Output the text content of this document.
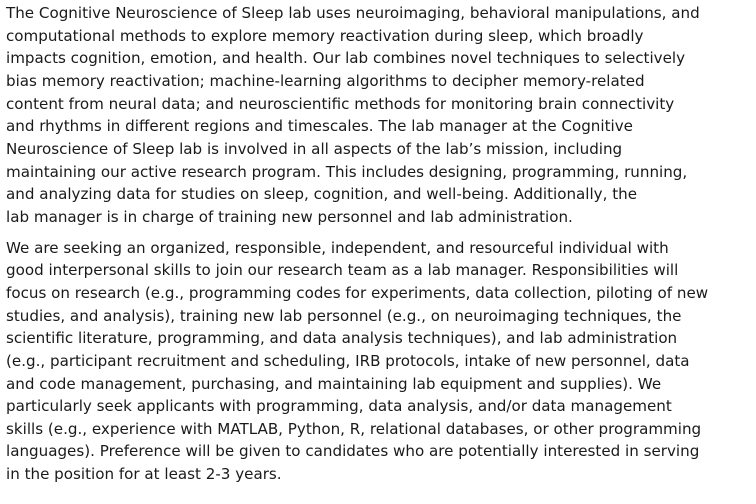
The Cognitive Neuroscience of Sleep lab uses neuroimaging, behavioral manipulations, and
computational methods to explore memory reactivation during sleep, which broadly
impacts cognition, emotion, and health. Our lab combines novel techniques to selectively
bias memory reactivation; machine-learning algorithms to decipher memory-related
content from neural data; and neuroscientific methods for monitoring brain connectivity
and rhythms in different regions and timescales. The lab manager at the Cognitive
Neuroscience of Sleep lab is involved in all aspects of the lab’s mission, including
maintaining our active research program. This includes designing, programming, running,
and analyzing data for studies on sleep, cognition, and well-being. Additionally, the
lab manager is in charge of training new personnel and lab administration.

We are seeking an organized, responsible, independent, and resourceful individual with
good interpersonal skills to join our research team as a lab manager. Responsibilities will
focus on research (e.g., programming codes for experiments, data collection, piloting of new
studies, and analysis), training new lab personnel (e.g., on neuroimaging techniques, the
scientific literature, programming, and data analysis techniques), and lab administration
(e.g., participant recruitment and scheduling, IRB protocols, intake of new personnel, data
and code management, purchasing, and maintaining lab equipment and supplies). We
particularly seek applicants with programming, data analysis, and/or data management
skills (e.g., experience with MATLAB, Python, R, relational databases, or other programming
languages). Preference will be given to candidates who are potentially interested in serving
in the position for at least 2-3 years.
